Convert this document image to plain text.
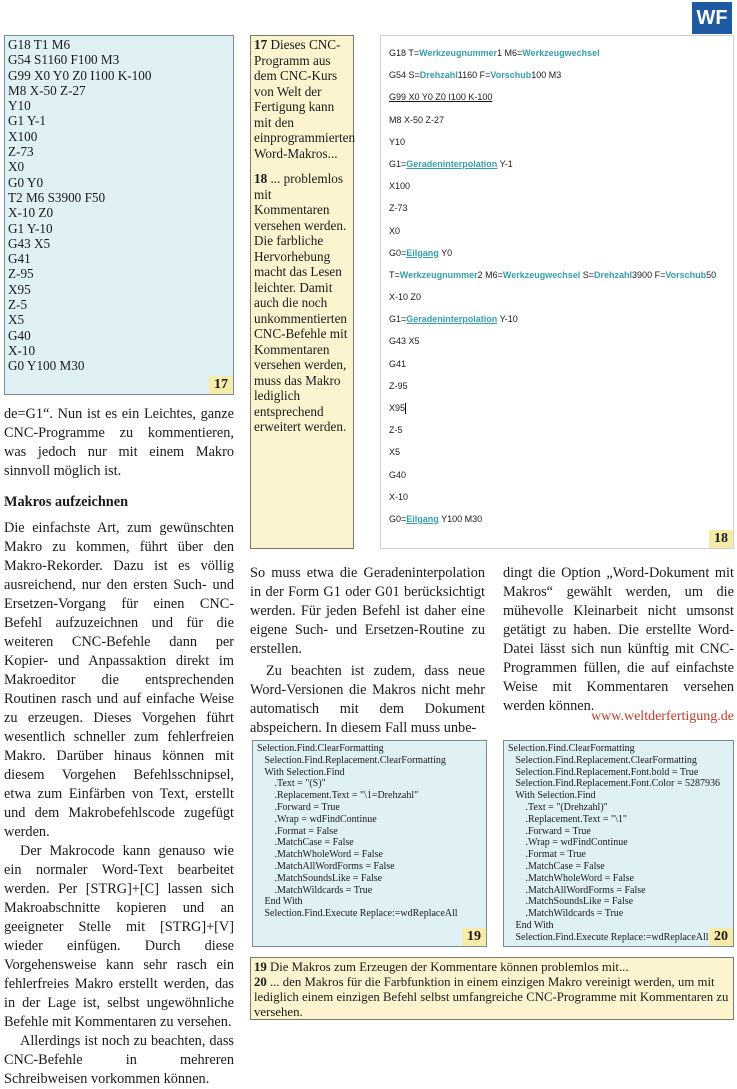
WF
G18 T1 M6
G54 S1160 F100 M3
G99 X0 Y0 Z0 I100 K-100
M8 X-50 Z-27
Y10
G1 Y-1
X100
Z-73
X0
G0 Y0
T2 M6 S3900 F50
X-10 Z0
G1 Y-10
G43 X5
G41
Z-95
X95
Z-5
X5
G40
X-10
G0 Y100 M30
17

17 Dieses CNC-Programm aus dem CNC-Kurs von Welt der Fertigung kann mit den einprogrammierten Word-Makros...

18 ... problemlos mit Kommentaren versehen werden. Die farbliche Hervorhebung macht das Lesen leichter. Damit auch die noch unkommentierten CNC-Befehle mit Kommentaren versehen werden, muss das Makro lediglich entsprechend erweitert werden.

G18 T=Werkzeugnummer1 M6=Werkzeugwechsel
G54 S=Drehzahl1160 F=Vorschub100 M3
G99 X0 Y0 Z0 I100 K-100
M8 X-50 Z-27
Y10
G1=Geradeninterpolation Y-1
X100
Z-73
X0
G0=Eilgang Y0
T=Werkzeugnummer2 M6=Werkzeugwechsel S=Drehzahl3900 F=Vorschub50
X-10 Z0
G1=Geradeninterpolation Y-10
G43 X5
G41
Z-95
X95
Z-5
X5
G40
X-10
G0=Eilgang Y100 M30
18

de=G1“. Nun ist es ein Leichtes, ganze CNC-Programme zu kommentieren, was jedoch nur mit einem Makro sinnvoll möglich ist.

Makros aufzeichnen

Die einfachste Art, zum gewünschten Makro zu kommen, führt über den Makro-Rekorder. Dazu ist es völlig ausreichend, nur den ersten Such- und Ersetzen-Vorgang für einen CNC-Befehl aufzuzeichnen und für die weiteren CNC-Befehle dann per Kopier- und Anpassaktion direkt im Makroeditor die entsprechenden Routinen rasch und auf einfache Weise zu erzeugen. Dieses Vorgehen führt wesentlich schneller zum fehlerfreien Makro. Darüber hinaus können mit diesem Vorgehen Befehlsschnipsel, etwa zum Einfärben von Text, erstellt und dem Makrobefehlscode zugefügt werden.

Der Makrocode kann genauso wie ein normaler Word-Text bearbeitet werden. Per [STRG]+[C] lassen sich Makroabschnitte kopieren und an geeigneter Stelle mit [STRG]+[V] wieder einfügen. Durch diese Vorgehensweise kann sehr rasch ein fehlerfreies Makro erstellt werden, das in der Lage ist, selbst ungewöhnliche Befehle mit Kommentaren zu versehen.

Allerdings ist noch zu beachten, dass CNC-Befehle in mehreren Schreibweisen vorkommen können.

So muss etwa die Geradeninterpolation in der Form G1 oder G01 berücksichtigt werden. Für jeden Befehl ist daher eine eigene Such- und Ersetzen-Routine zu erstellen.

Zu beachten ist zudem, dass neue Word-Versionen die Makros nicht mehr automatisch mit dem Dokument abspeichern. In diesem Fall muss unbe-

dingt die Option „Word-Dokument mit Makros“ gewählt werden, um die mühevolle Kleinarbeit nicht umsonst getätigt zu haben. Die erstellte Word-Datei lässt sich nun künftig mit CNC-Programmen füllen, die auf einfachste Weise mit Kommentaren versehen werden können.

www.weltderfertigung.de
Selection.Find.ClearFormatting
Selection.Find.Replacement.ClearFormatting
With Selection.Find
.Text = "(S)"
.Replacement.Text = "\1=Drehzahl"
.Forward = True
.Wrap = wdFindContinue
.Format = False
.MatchCase = False
.MatchWholeWord = False
.MatchAllWordForms = False
.MatchSoundsLike = False
.MatchWildcards = True
End With
Selection.Find.Execute Replace:=wdReplaceAll
19
Selection.Find.ClearFormatting
Selection.Find.Replacement.ClearFormatting
Selection.Find.Replacement.Font.bold = True
Selection.Find.Replacement.Font.Color = 5287936
With Selection.Find
.Text = "(Drehzahl)"
.Replacement.Text = "\1"
.Forward = True
.Wrap = wdFindContinue
.Format = True
.MatchCase = False
.MatchWholeWord = False
.MatchAllWordForms = False
.MatchSoundsLike = False
.MatchWildcards = True
End With
Selection.Find.Execute Replace:=wdReplaceAll 20
19 Die Makros zum Erzeugen der Kommentare können problemlos mit...
20 ... den Makros für die Farbfunktion in einem einzigen Makro vereinigt werden, um mit lediglich einem einzigen Befehl selbst umfangreiche CNC-Programme mit Kommentaren zu versehen.
